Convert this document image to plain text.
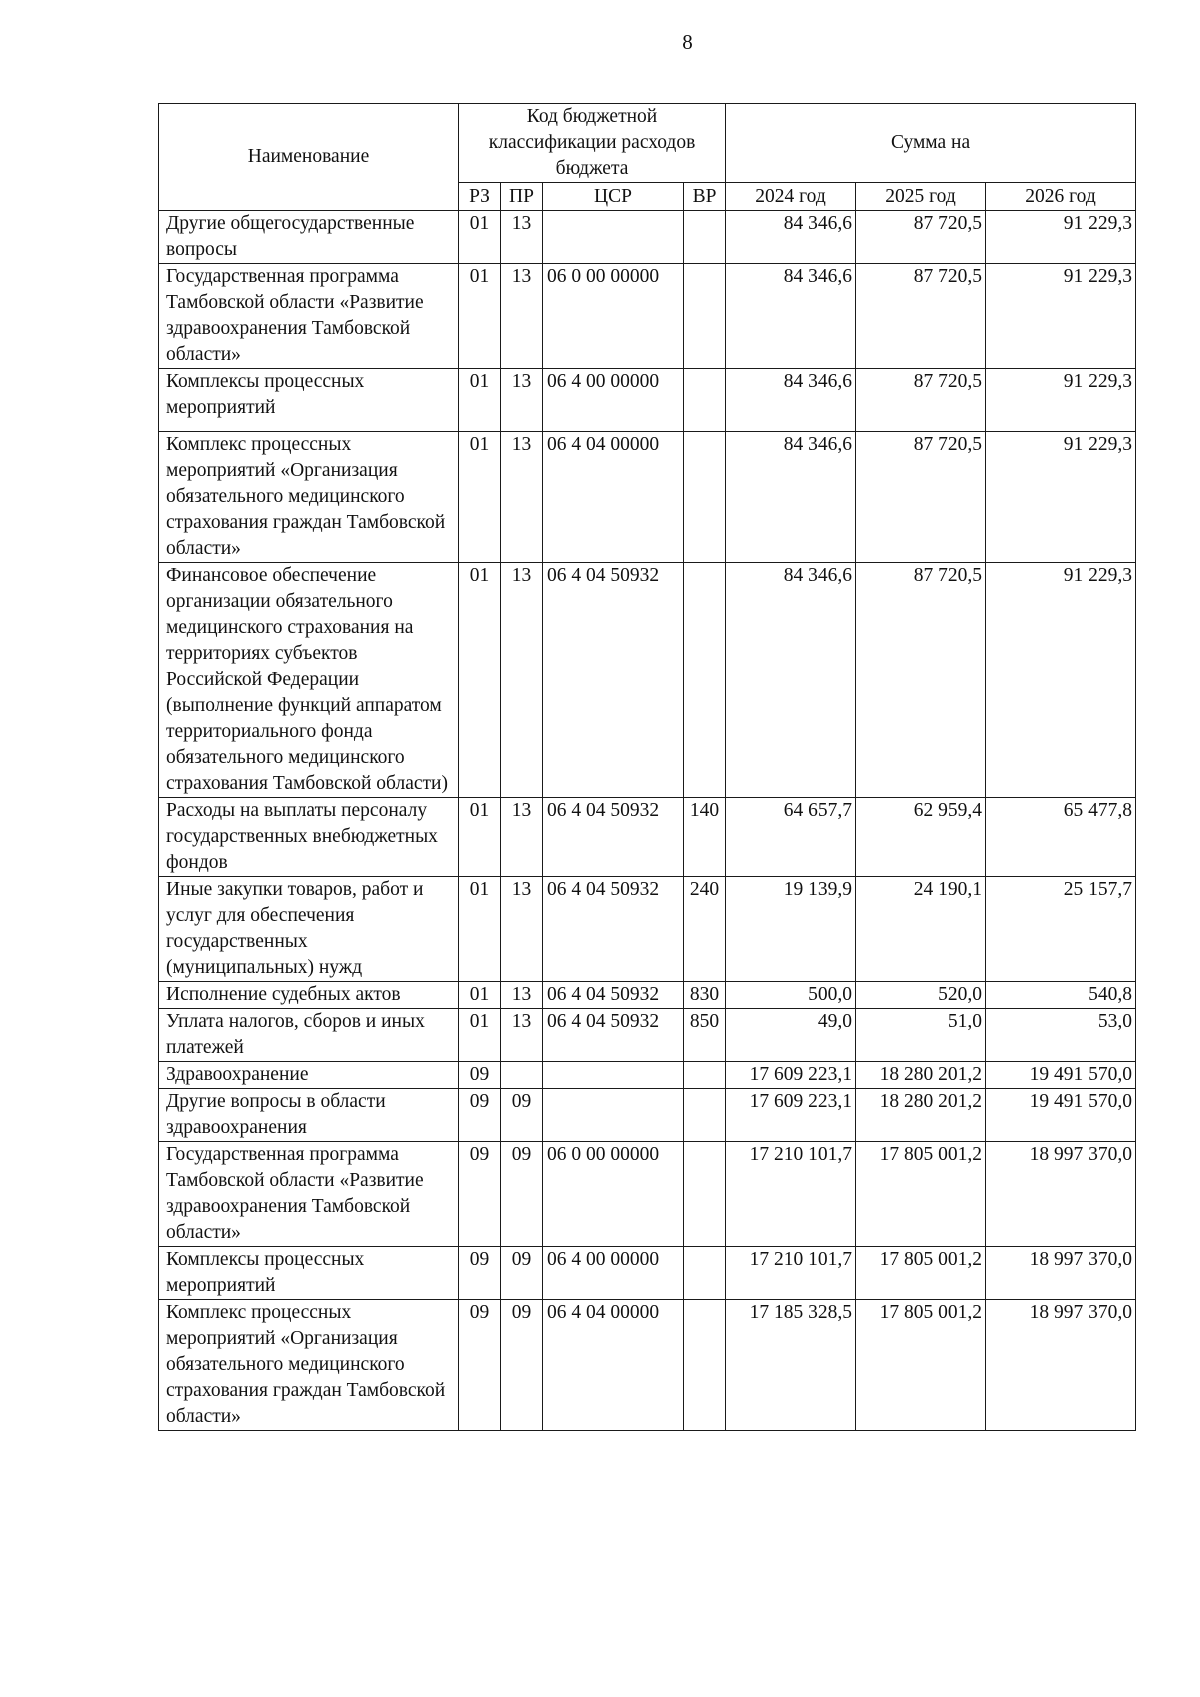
8
Наименование	Код бюджетной классификации расходов бюджета				Сумма на		
	РЗ	ПР	ЦСР	ВР	2024 год	2025 год	2026 год
Другие общегосударственные вопросы	01	13			84 346,6	87 720,5	91 229,3
Государственная программа Тамбовской области «Развитие здравоохранения Тамбовской области»	01	13	06 0 00 00000		84 346,6	87 720,5	91 229,3
Комплексы процессных мероприятий	01	13	06 4 00 00000		84 346,6	87 720,5	91 229,3
Комплекс процессных мероприятий «Организация обязательного медицинского страхования граждан Тамбовской области»	01	13	06 4 04 00000		84 346,6	87 720,5	91 229,3
Финансовое обеспечение организации обязательного медицинского страхования на территориях субъектов Российской Федерации (выполнение функций аппаратом территориального фонда обязательного медицинского страхования Тамбовской области)	01	13	06 4 04 50932		84 346,6	87 720,5	91 229,3
Расходы на выплаты персоналу государственных внебюджетных фондов	01	13	06 4 04 50932	140	64 657,7	62 959,4	65 477,8
Иные закупки товаров, работ и услуг для обеспечения государственных (муниципальных) нужд	01	13	06 4 04 50932	240	19 139,9	24 190,1	25 157,7
Исполнение судебных актов	01	13	06 4 04 50932	830	500,0	520,0	540,8
Уплата налогов, сборов и иных платежей	01	13	06 4 04 50932	850	49,0	51,0	53,0
Здравоохранение	09				17 609 223,1	18 280 201,2	19 491 570,0
Другие вопросы в области здравоохранения	09	09			17 609 223,1	18 280 201,2	19 491 570,0
Государственная программа Тамбовской области «Развитие здравоохранения Тамбовской области»	09	09	06 0 00 00000		17 210 101,7	17 805 001,2	18 997 370,0
Комплексы процессных мероприятий	09	09	06 4 00 00000		17 210 101,7	17 805 001,2	18 997 370,0
Комплекс процессных мероприятий «Организация обязательного медицинского страхования граждан Тамбовской области»	09	09	06 4 04 00000		17 185 328,5	17 805 001,2	18 997 370,0
